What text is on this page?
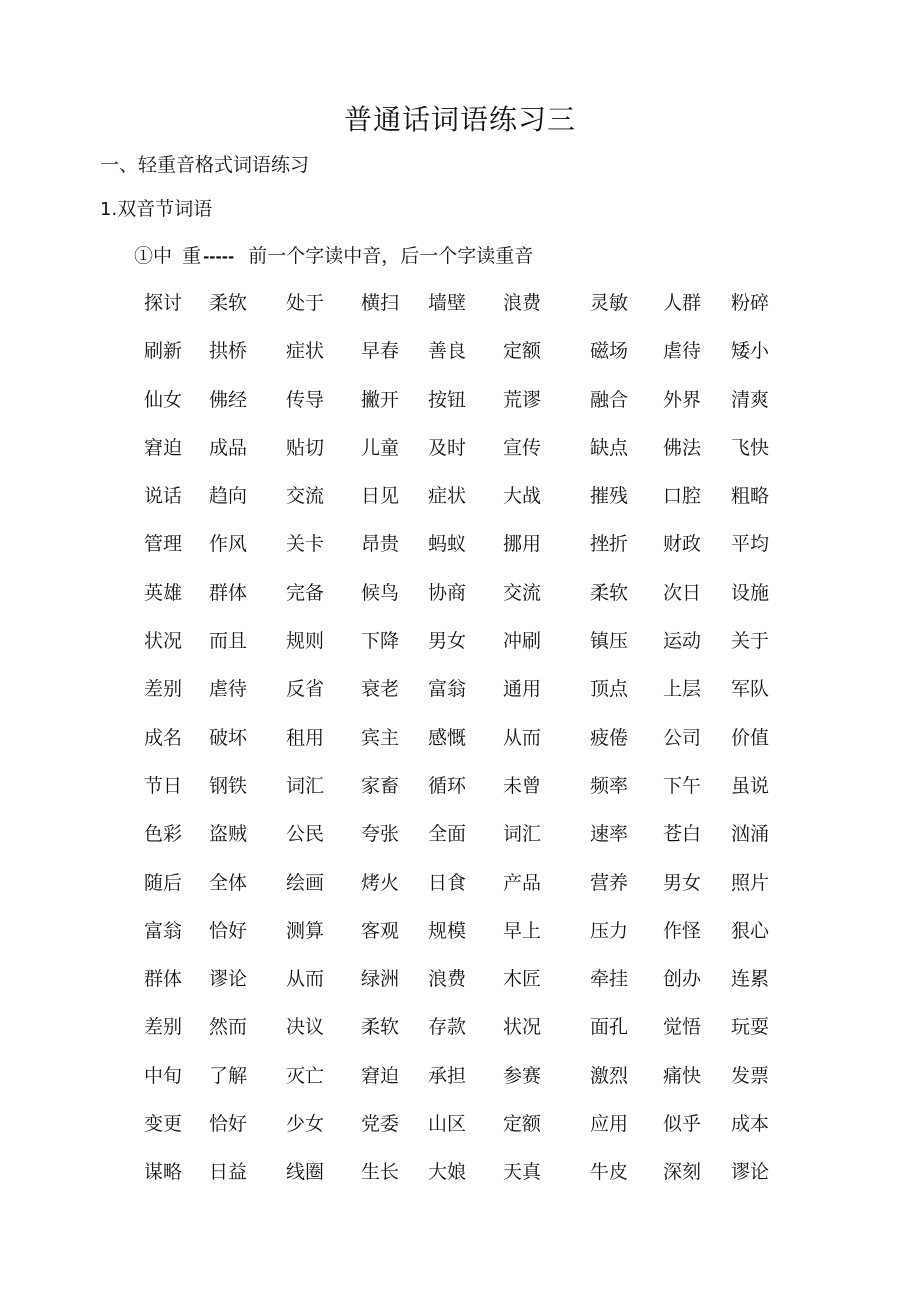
普通话词语练习三
一、轻重音格式词语练习
1.双音节词语
①中 重 ----- 前一个字读中音，后一个字读重音
探讨 柔软 处于 横扫 墙壁 浪费	灵敏 人群 粉碎
刷新 拱桥 症状 早春 善良 定额	磁场 虐待 矮小
仙女 佛经 传导 撇开 按钮 荒谬	融合 外界 清爽
窘迫 成品 贴切 儿童 及时 宣传	缺点 佛法 飞快
说话 趋向 交流 日见 症状 大战	摧残 口腔 粗略
管理 作风 关卡 昂贵 蚂蚁 挪用	挫折 财政 平均
英雄 群体 完备 候鸟 协商 交流	柔软 次日 设施
状况 而且 规则 下降 男女 冲刷	镇压 运动 关于
差别 虐待 反省 衰老 富翁 通用	顶点 上层 军队
成名 破坏 租用 宾主 感慨 从而	疲倦 公司 价值
节日 钢铁 词汇 家畜 循环 未曾	频率 下午 虽说
色彩 盗贼 公民 夸张 全面 词汇	速率 苍白 汹涌
随后 全体 绘画 烤火 日食 产品	营养 男女 照片
富翁 恰好 测算 客观 规模 早上	压力 作怪 狠心
群体 谬论 从而 绿洲 浪费 木匠	牵挂 创办 连累
差别 然而 决议 柔软 存款 状况	面孔 觉悟 玩耍
中旬 了解 灭亡 窘迫 承担 参赛	激烈 痛快 发票
变更 恰好 少女 党委 山区 定额	应用 似乎 成本
谋略 日益 线圈 生长 大娘 天真	牛皮 深刻 谬论
